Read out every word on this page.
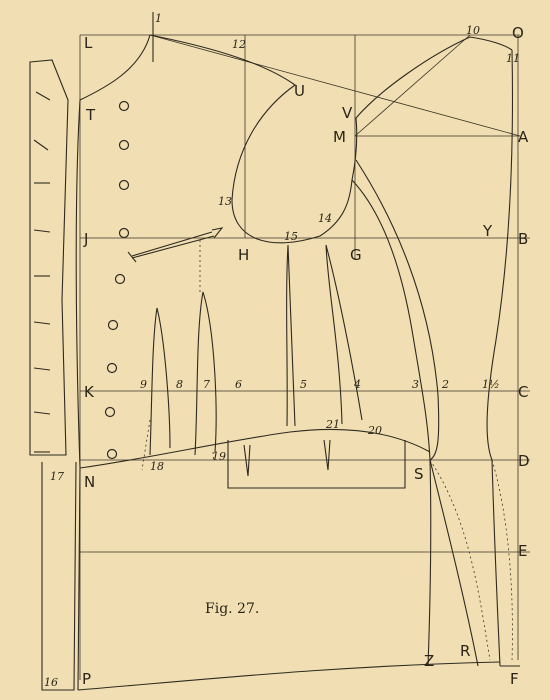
L
T
J
K
N
P
O
A
B
C
D
E
F
U
V
M
H	G
Y
S
Z
R
1
10
11
12
13
14
15
16
17
18
19
20
21
2
3
4
5
6
7
8
9	1½
Fig. 27.
